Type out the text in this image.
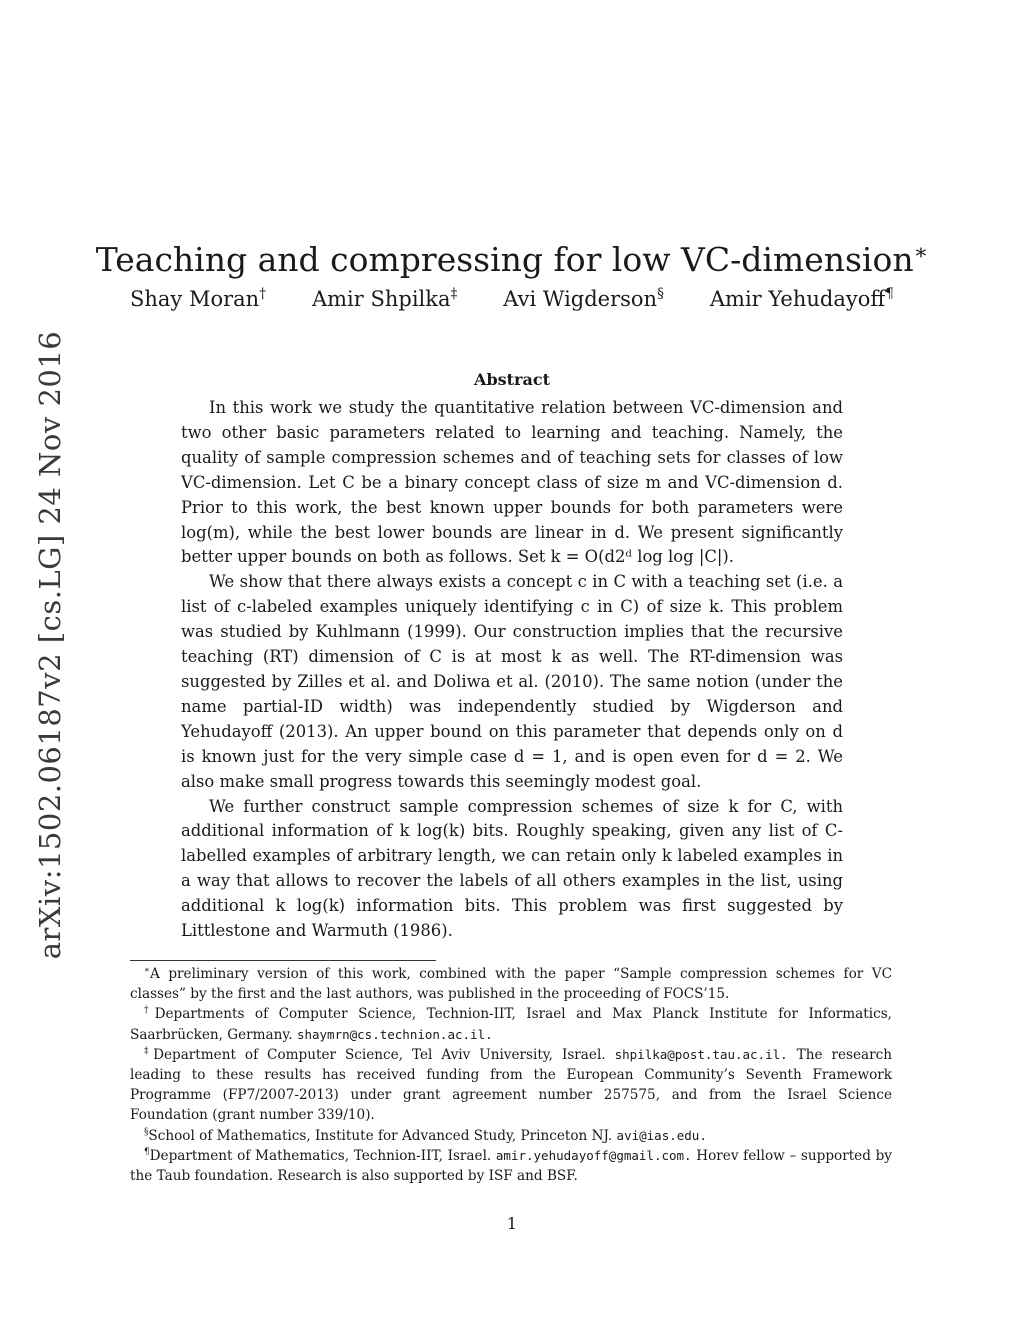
arXiv:1502.06187v2 [cs.LG] 24 Nov 2016
Teaching and compressing for low VC-dimension∗
Shay Moran† Amir Shpilka‡ Avi Wigderson§ Amir Yehudayoff¶
Abstract

In this work we study the quantitative relation between VC-dimension and two other basic parameters related to learning and teaching. Namely, the quality of sample compression schemes and of teaching sets for classes of low VC-dimension. Let C be a binary concept class of size m and VC-dimension d. Prior to this work, the best known upper bounds for both parameters were log(m), while the best lower bounds are linear in d. We present significantly better upper bounds on both as follows. Set k = O(d2ᵈ log log |C|).

We show that there always exists a concept c in C with a teaching set (i.e. a list of c-labeled examples uniquely identifying c in C) of size k. This problem was studied by Kuhlmann (1999). Our construction implies that the recursive teaching (RT) dimension of C is at most k as well. The RT-dimension was suggested by Zilles et al. and Doliwa et al. (2010). The same notion (under the name partial-ID width) was independently studied by Wigderson and Yehudayoff (2013). An upper bound on this parameter that depends only on d is known just for the very simple case d = 1, and is open even for d = 2. We also make small progress towards this seemingly modest goal.

We further construct sample compression schemes of size k for C, with additional information of k log(k) bits. Roughly speaking, given any list of C-labelled examples of arbitrary length, we can retain only k labeled examples in a way that allows to recover the labels of all others examples in the list, using additional k log(k) information bits. This problem was first suggested by Littlestone and Warmuth (1986).

∗A preliminary version of this work, combined with the paper “Sample compression schemes for VC classes” by the first and the last authors, was published in the proceeding of FOCS’15.

†Departments of Computer Science, Technion-IIT, Israel and Max Planck Institute for Informatics, Saarbrücken, Germany. shaymrn@cs.technion.ac.il.

‡Department of Computer Science, Tel Aviv University, Israel. shpilka@post.tau.ac.il. The research leading to these results has received funding from the European Community’s Seventh Framework Programme (FP7/2007-2013) under grant agreement number 257575, and from the Israel Science Foundation (grant number 339/10).

§School of Mathematics, Institute for Advanced Study, Princeton NJ. avi@ias.edu.

¶Department of Mathematics, Technion-IIT, Israel. amir.yehudayoff@gmail.com. Horev fellow – supported by the Taub foundation. Research is also supported by ISF and BSF.

1
